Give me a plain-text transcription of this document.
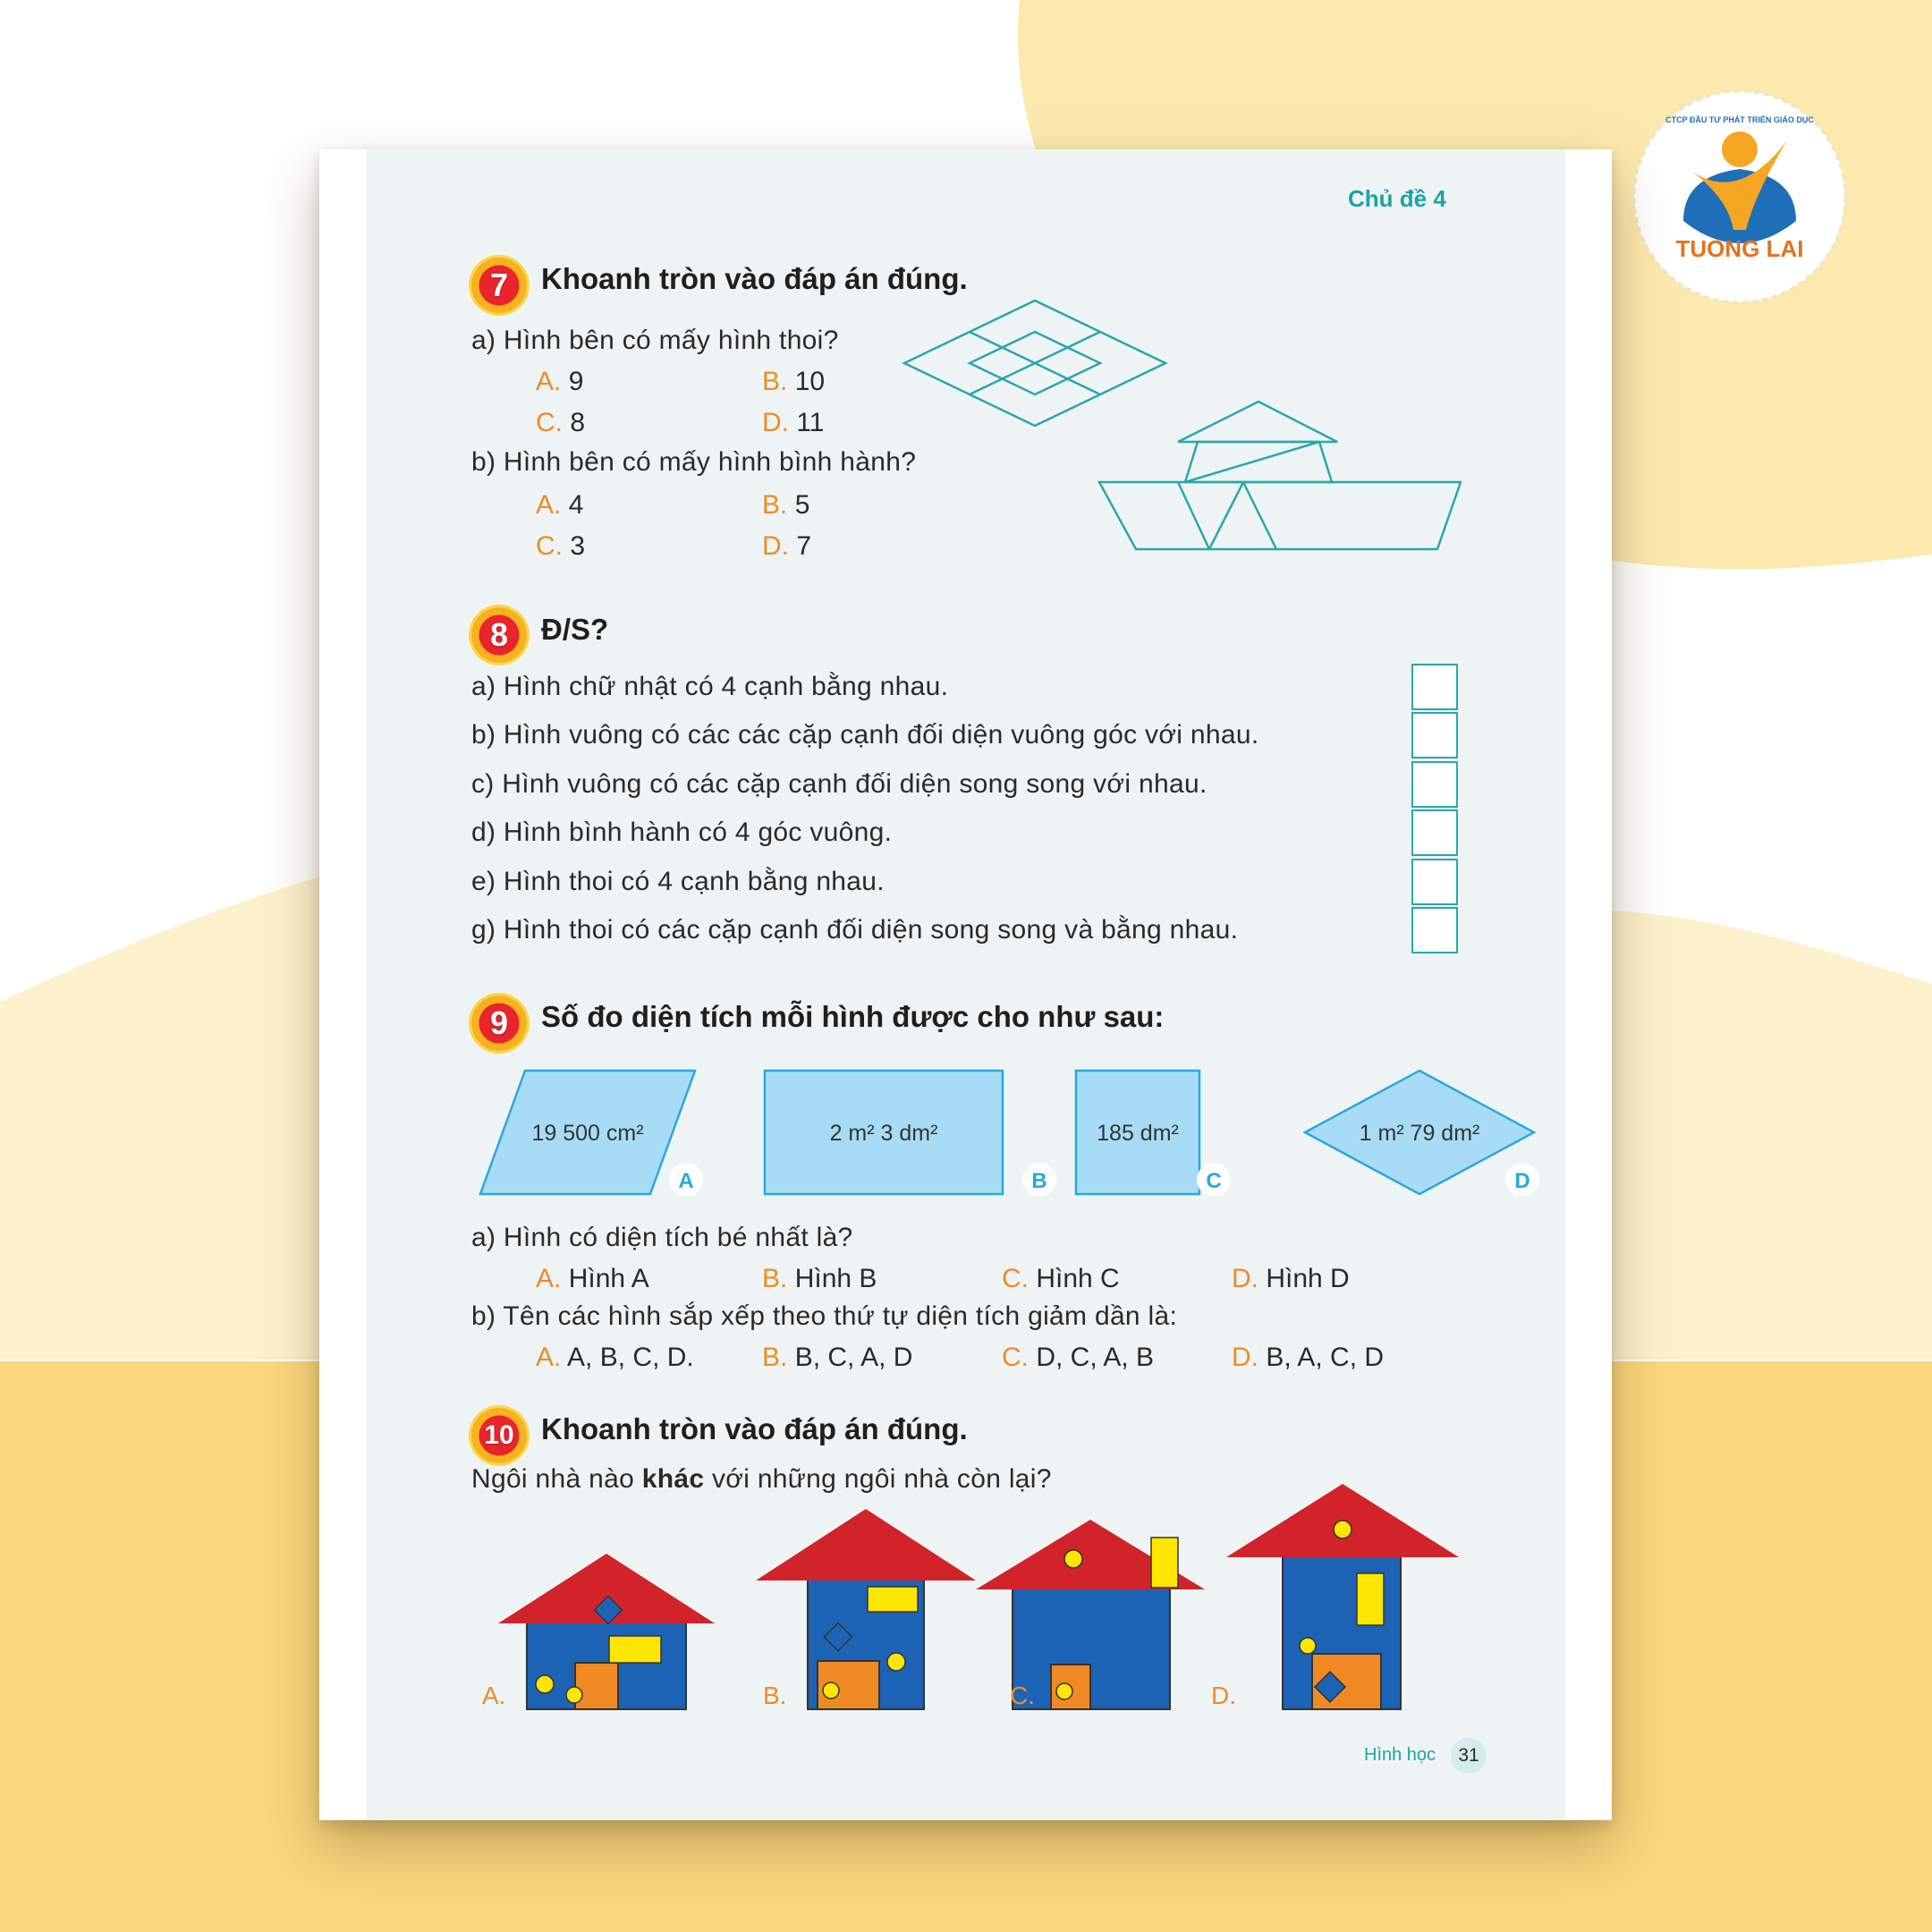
TUONG LAI
CTCP ĐẦU TƯ PHÁT TRIỂN GIÁO DỤC
Chủ đề 4
7	Khoanh tròn vào đáp án đúng.
a) Hình bên có mấy hình thoi?
A. 9	B. 10
C. 8	D. 11
b) Hình bên có mấy hình bình hành?
A. 4	B. 5
C. 3	D. 7
8	Đ/S?
a) Hình chữ nhật có 4 cạnh bằng nhau.
b) Hình vuông có các các cặp cạnh đối diện vuông góc với nhau.
c) Hình vuông có các cặp cạnh đối diện song song với nhau.
d) Hình bình hành có 4 góc vuông.
e) Hình thoi có 4 cạnh bằng nhau.
g) Hình thoi có các cặp cạnh đối diện song song và bằng nhau.
9	Số đo diện tích mỗi hình được cho như sau:
19 500 cm²
A
2 m² 3 dm²
B
185 dm²
C
1 m² 79 dm²
D
a) Hình có diện tích bé nhất là?
A. Hình A	B. Hình B	C. Hình C	D. Hình D
b) Tên các hình sắp xếp theo thứ tự diện tích giảm dần là:
A. A, B, C, D.	B. B, C, A, D	C. D, C, A, B	D. B, A, C, D
10 Khoanh tròn vào đáp án đúng.
Ngôi nhà nào khác với những ngôi nhà còn lại?
A.	B.	C.	D.
Hình học	31
